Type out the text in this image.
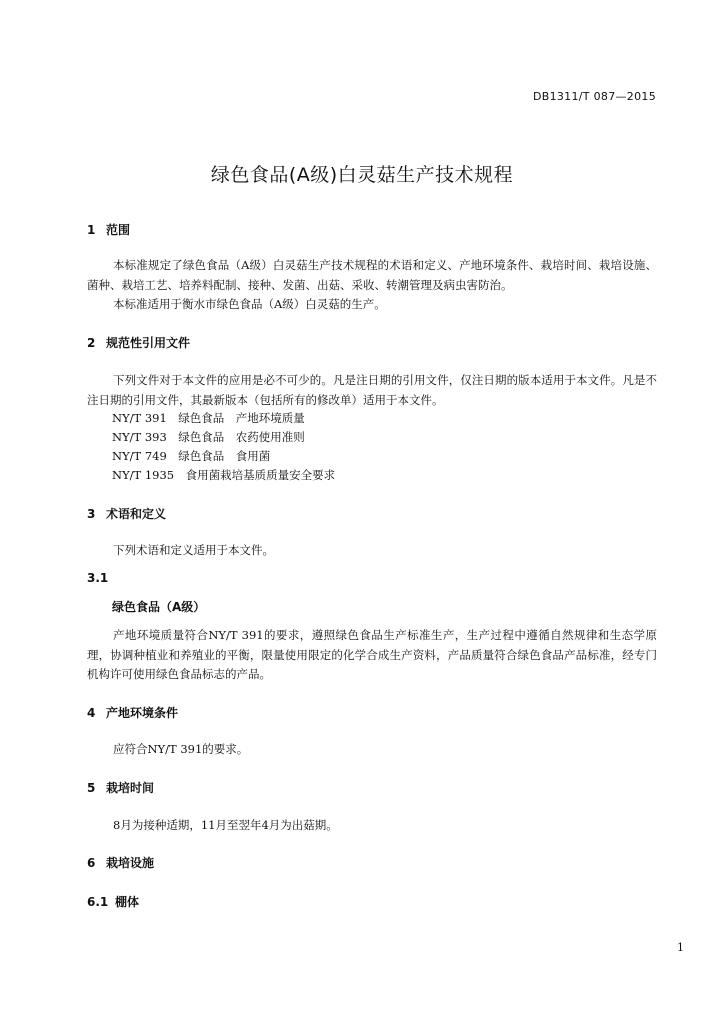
DB1311/T 087—2015
绿色食品(A级)白灵菇生产技术规程
1 范围
本标准规定了绿色食品（A级）白灵菇生产技术规程的术语和定义、产地环境条件、栽培时间、栽培设施、菌种、栽培工艺、培养料配制、接种、发菌、出菇、采收、转潮管理及病虫害防治。
本标准适用于衡水市绿色食品（A级）白灵菇的生产。
2 规范性引用文件
下列文件对于本文件的应用是必不可少的。凡是注日期的引用文件，仅注日期的版本适用于本文件。凡是不注日期的引用文件，其最新版本（包括所有的修改单）适用于本文件。
NY/T 391　绿色食品　产地环境质量
NY/T 393　绿色食品　农药使用准则
NY/T 749　绿色食品　食用菌
NY/T 1935　食用菌栽培基质质量安全要求
3 术语和定义
下列术语和定义适用于本文件。
3.1
绿色食品（A级）
产地环境质量符合NY/T 391的要求，遵照绿色食品生产标准生产，生产过程中遵循自然规律和生态学原理，协调种植业和养殖业的平衡，限量使用限定的化学合成生产资料，产品质量符合绿色食品产品标准，经专门机构许可使用绿色食品标志的产品。
4 产地环境条件
应符合NY/T 391的要求。
5 栽培时间
8月为接种适期，11月至翌年4月为出菇期。
6 栽培设施
6.1 棚体
1
